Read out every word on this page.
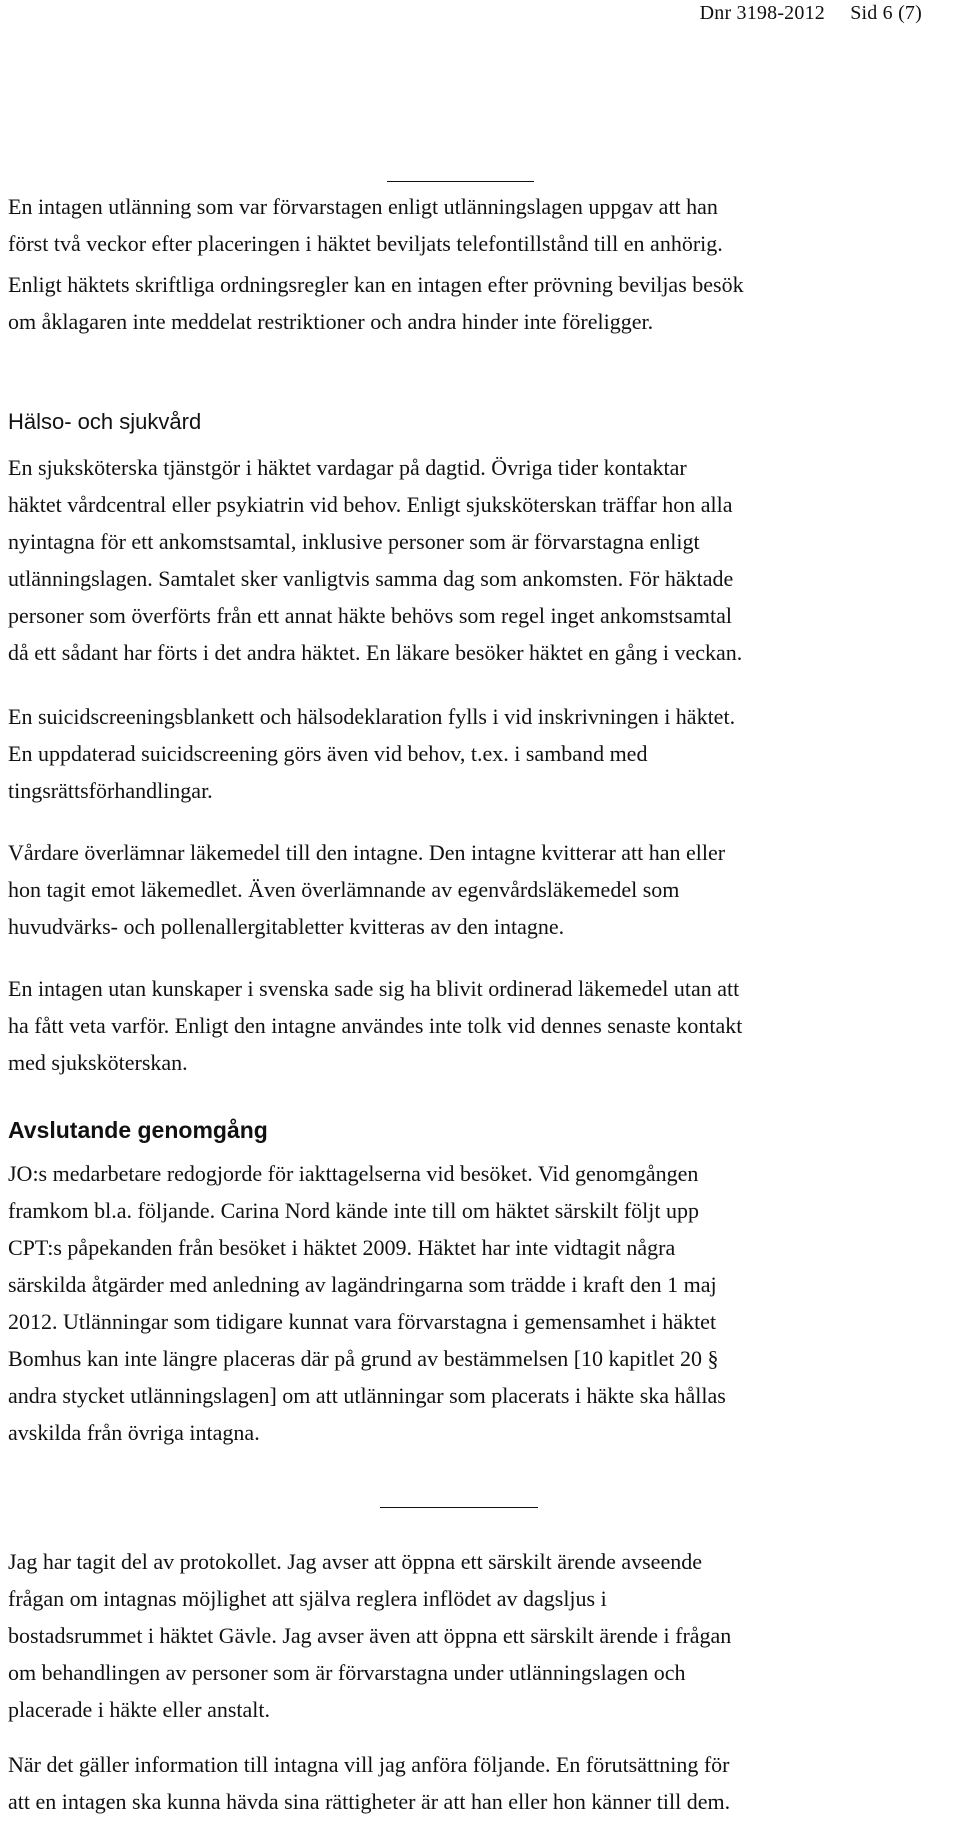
Dnr 3198-2012 Sid 6 (7)
En intagen utlänning som var förvarstagen enligt utlänningslagen uppgav att han
först två veckor efter placeringen i häktet beviljats telefontillstånd till en anhörig.
Enligt häktets skriftliga ordningsregler kan en intagen efter prövning beviljas besök
om åklagaren inte meddelat restriktioner och andra hinder inte föreligger.
Hälso- och sjukvård
En sjuksköterska tjänstgör i häktet vardagar på dagtid. Övriga tider kontaktar
häktet vårdcentral eller psykiatrin vid behov. Enligt sjuksköterskan träffar hon alla
nyintagna för ett ankomstsamtal, inklusive personer som är förvarstagna enligt
utlänningslagen. Samtalet sker vanligtvis samma dag som ankomsten. För häktade
personer som överförts från ett annat häkte behövs som regel inget ankomstsamtal
då ett sådant har förts i det andra häktet. En läkare besöker häktet en gång i veckan.
En suicidscreeningsblankett och hälsodeklaration fylls i vid inskrivningen i häktet.
En uppdaterad suicidscreening görs även vid behov, t.ex. i samband med
tingsrättsförhandlingar.
Vårdare överlämnar läkemedel till den intagne. Den intagne kvitterar att han eller
hon tagit emot läkemedlet. Även överlämnande av egenvårdsläkemedel som
huvudvärks- och pollenallergitabletter kvitteras av den intagne.
En intagen utan kunskaper i svenska sade sig ha blivit ordinerad läkemedel utan att
ha fått veta varför. Enligt den intagne användes inte tolk vid dennes senaste kontakt
med sjuksköterskan.
Avslutande genomgång
JO:s medarbetare redogjorde för iakttagelserna vid besöket. Vid genomgången
framkom bl.a. följande. Carina Nord kände inte till om häktet särskilt följt upp
CPT:s påpekanden från besöket i häktet 2009. Häktet har inte vidtagit några
särskilda åtgärder med anledning av lagändringarna som trädde i kraft den 1 maj
2012. Utlänningar som tidigare kunnat vara förvarstagna i gemensamhet i häktet
Bomhus kan inte längre placeras där på grund av bestämmelsen [10 kapitlet 20 §
andra stycket utlänningslagen] om att utlänningar som placerats i häkte ska hållas
avskilda från övriga intagna.
Jag har tagit del av protokollet. Jag avser att öppna ett särskilt ärende avseende
frågan om intagnas möjlighet att själva reglera inflödet av dagsljus i
bostadsrummet i häktet Gävle. Jag avser även att öppna ett särskilt ärende i frågan
om behandlingen av personer som är förvarstagna under utlänningslagen och
placerade i häkte eller anstalt.
När det gäller information till intagna vill jag anföra följande. En förutsättning för
att en intagen ska kunna hävda sina rättigheter är att han eller hon känner till dem.
